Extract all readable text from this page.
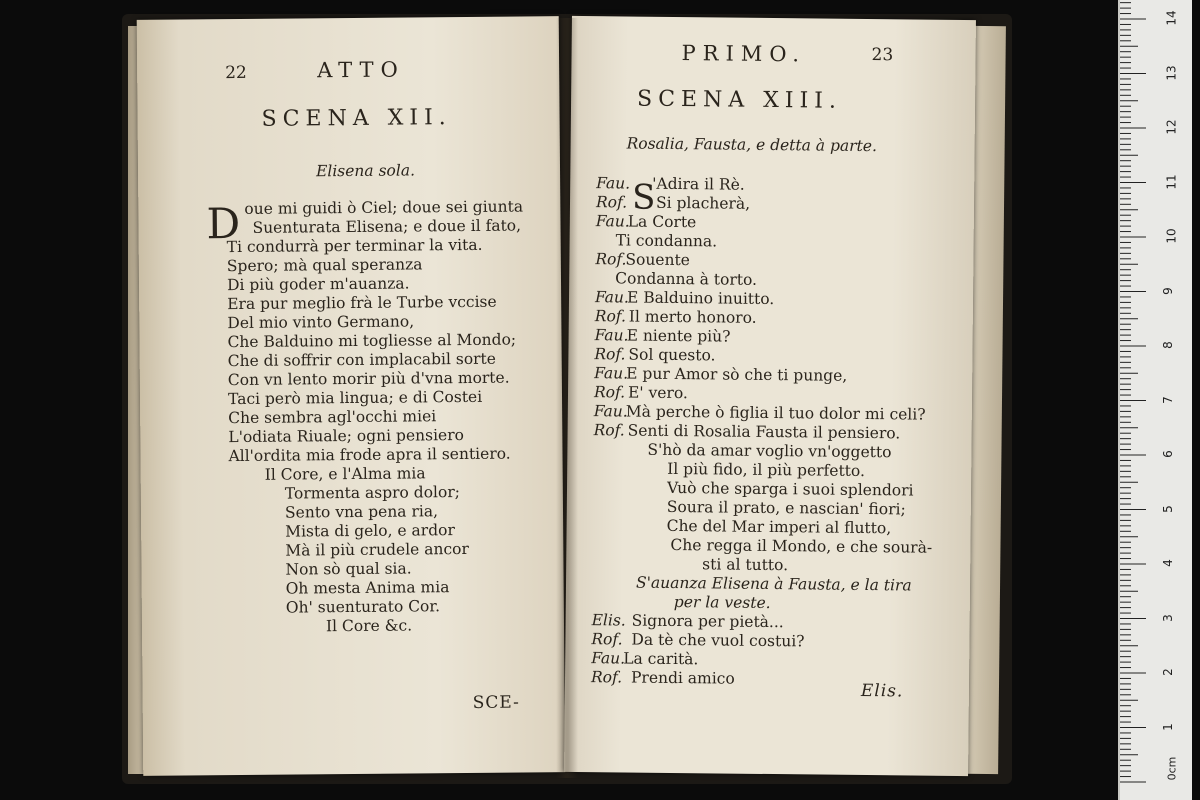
22	ATTO
SCENA XII.
Elisena sola.
D oue mi guidi ò Ciel; doue sei giunta
Suenturata Elisena; e doue il fato,
Ti condurrà per terminar la vita.
Spero; mà qual speranza
Di più goder m'auanza.
Era pur meglio frà le Turbe vccise
Del mio vinto Germano,
Che Balduino mi togliesse al Mondo;
Che di soffrir con implacabil sorte
Con vn lento morir più d'vna morte.
Taci però mia lingua; e di Costei
Che sembra agl'occhi miei
L'odiata Riuale; ogni pensiero
All'ordita mia frode apra il sentiero.
Il Core, e l'Alma mia
Tormenta aspro dolor;
Sento vna pena ria,
Mista di gelo, e ardor
Mà il più crudele ancor
Non sò qual sia.
Oh mesta Anima mia
Oh' suenturato Cor.
Il Core &c.
SCE-
PRIMO.	23
SCENA XIII.
Rosalia, Fausta, e detta à parte.
S
Fau. 'Adira il Rè.
Rof. Si placherà,
Fau.La Corte
Ti condanna.
Rof.Souente
Condanna à torto.
Fau.E Balduino inuitto.
Rof. Il merto honoro.
Fau.E niente più?
Rof. Sol questo.
Fau.E pur Amor sò che ti punge,
Rof. E' vero.
Fau.Mà perche ò figlia il tuo dolor mi celi?
Rof. Senti di Rosalia Fausta il pensiero.
S'hò da amar voglio vn'oggetto
Il più fido, il più perfetto.
Vuò che sparga i suoi splendori
Soura il prato, e nascian' fiori;
Che del Mar imperi al flutto,
Che regga il Mondo, e che sourà-
sti al tutto.
S'auanza Elisena à Fausta, e la tira
per la veste.
Elis. Signora per pietà...
Rof. Da tè che vuol costui?
Fau.La carità.
Rof. Prendi amico
Elis.
1
2
3
4
5
6
7
8
9
10
11
12
13
14
0cm
